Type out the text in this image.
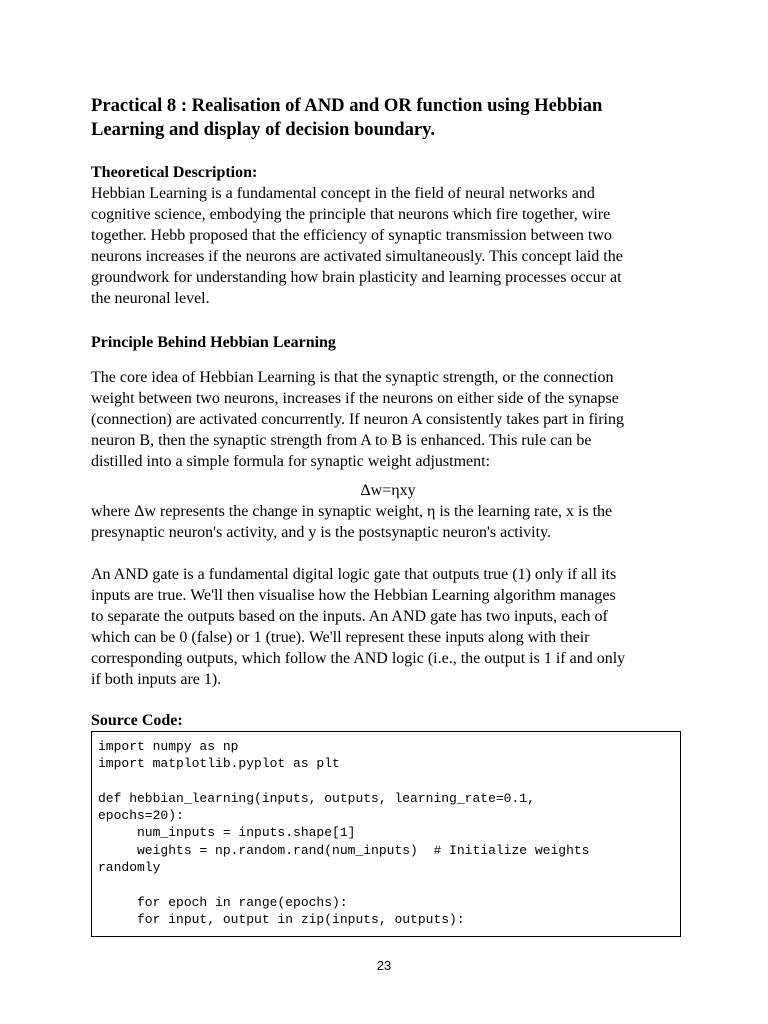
Practical 8 : Realisation of AND and OR function using Hebbian

Learning and display of decision boundary.

Theoretical Description:

Hebbian Learning is a fundamental concept in the field of neural networks and

cognitive science, embodying the principle that neurons which fire together, wire

together. Hebb proposed that the efficiency of synaptic transmission between two

neurons increases if the neurons are activated simultaneously. This concept laid the

groundwork for understanding how brain plasticity and learning processes occur at

the neuronal level.

Principle Behind Hebbian Learning

The core idea of Hebbian Learning is that the synaptic strength, or the connection

weight between two neurons, increases if the neurons on either side of the synapse

(connection) are activated concurrently. If neuron A consistently takes part in firing

neuron B, then the synaptic strength from A to B is enhanced. This rule can be

distilled into a simple formula for synaptic weight adjustment:

Δw=ηxy

where Δw represents the change in synaptic weight, η is the learning rate, x is the

presynaptic neuron's activity, and y is the postsynaptic neuron's activity.

An AND gate is a fundamental digital logic gate that outputs true (1) only if all its

inputs are true. We'll then visualise how the Hebbian Learning algorithm manages

to separate the outputs based on the inputs. An AND gate has two inputs, each of

which can be 0 (false) or 1 (true). We'll represent these inputs along with their

corresponding outputs, which follow the AND logic (i.e., the output is 1 if and only

if both inputs are 1).

Source Code:

import numpy as np

import matplotlib.pyplot as plt

def hebbian_learning(inputs, outputs, learning_rate=0.1,

epochs=20):

num_inputs = inputs.shape[1]

weights = np.random.rand(num_inputs)  # Initialize weights

randomly

for epoch in range(epochs):

for input, output in zip(inputs, outputs):

23
